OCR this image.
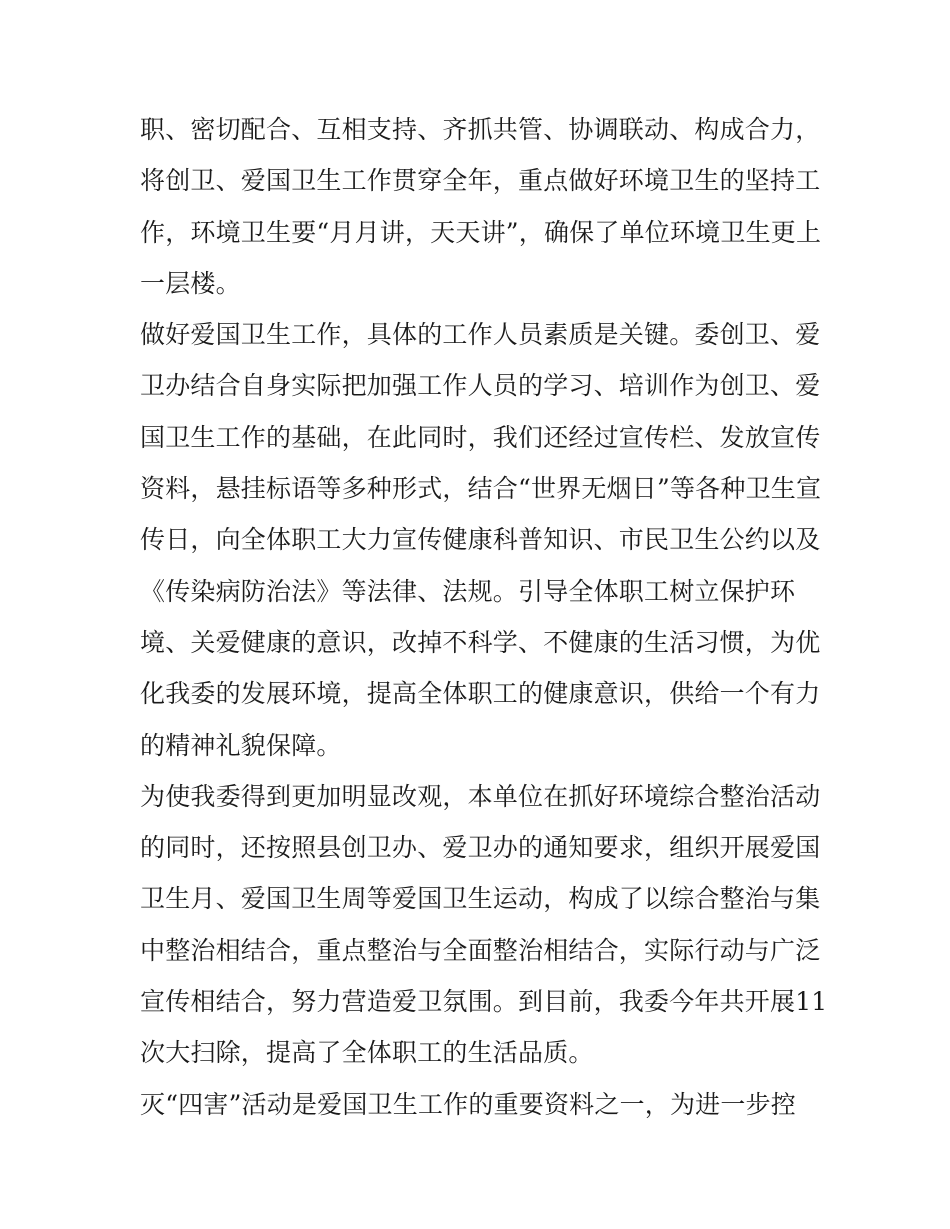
职、密切配合、互相支持、齐抓共管、协调联动、构成合力，
将创卫、爱国卫生工作贯穿全年，重点做好环境卫生的坚持工
作，环境卫生要“月月讲，天天讲”，确保了单位环境卫生更上
一层楼。
做好爱国卫生工作，具体的工作人员素质是关键。委创卫、爱
卫办结合自身实际把加强工作人员的学习、培训作为创卫、爱
国卫生工作的基础，在此同时，我们还经过宣传栏、发放宣传
资料，悬挂标语等多种形式，结合“世界无烟日”等各种卫生宣
传日，向全体职工大力宣传健康科普知识、市民卫生公约以及
《传染病防治法》等法律、法规。引导全体职工树立保护环
境、关爱健康的意识，改掉不科学、不健康的生活习惯，为优
化我委的发展环境，提高全体职工的健康意识，供给一个有力
的精神礼貌保障。
为使我委得到更加明显改观，本单位在抓好环境综合整治活动
的同时，还按照县创卫办、爱卫办的通知要求，组织开展爱国
卫生月、爱国卫生周等爱国卫生运动，构成了以综合整治与集
中整治相结合，重点整治与全面整治相结合，实际行动与广泛
宣传相结合，努力营造爱卫氛围。到目前，我委今年共开展11
次大扫除，提高了全体职工的生活品质。
灭“四害”活动是爱国卫生工作的重要资料之一，为进一步控
